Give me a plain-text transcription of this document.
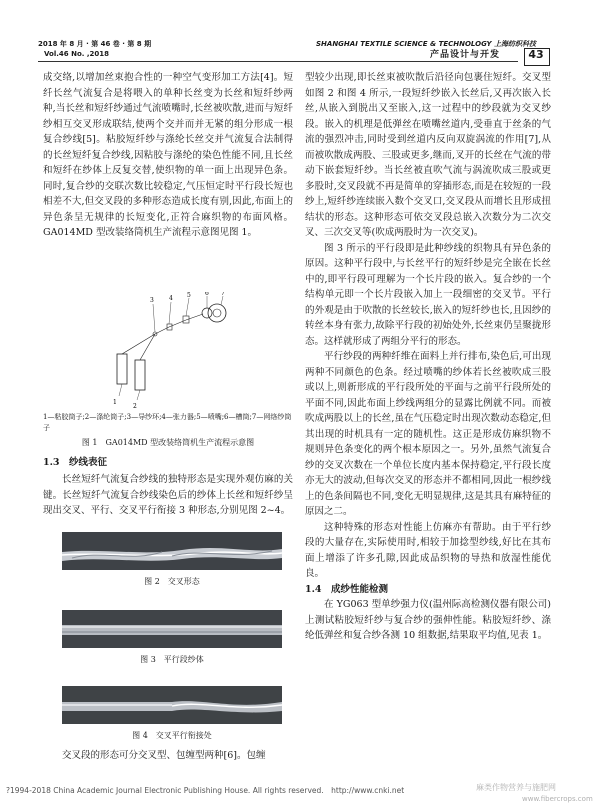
2018 年 8 月 · 第 46 卷 · 第 8 期
Vol.46 No. ,2018
SHANGHAI TEXTILE SCIENCE & TECHNOLOGY 上海纺织科技
产品设计与开发	43

成交络,以增加丝束抱合性的一种空气变形加工方法[4]。短纤长丝气流复合是将喂入的单种长丝变为长丝和短纤纱两种,当长丝和短纤纱通过气流喷嘴时,长丝被吹散,进而与短纤纱相互交叉形成联结,使两个交并而并无紧的组分形成一根复合纱线[5]。粘胶短纤纱与涤纶长丝交并气流复合法制得的长丝短纤复合纱线,因粘胶与涤纶的染色性能不同,且长丝和短纤在纱体上反复交替,使织物的单一面上出现异色条。同时,复合纱的交联次数比较稳定,气压恒定时平行段长短也相差不大,但交叉段的多种形态造成长度有别,因此,布面上的异色条呈无规律的长短变化,正符合麻织物的布面风格。GA014MD 型改装络筒机生产流程示意图见图 1。

1
2
3	4 5 6 7
1—粘胶筒子;2—涤纶筒子;3—导纱环;4—张力器;5—喷嘴;6—槽筒;7—网络纱筒子
图 1　GA014MD 型改装络筒机生产流程示意图
1.3　纱线表征
长丝短纤气流复合纱线的独特形态是实现外观仿麻的关键。长丝短纤气流复合纱线染色后的纱体上长丝和短纤纱呈现出交叉、平行、交叉平行衔接 3 种形态,分别见图 2~4。
图 2　交叉形态
图 3　平行段纱体
图 4　交叉平行衔接处
交叉段的形态可分交叉型、包缠型两种[6]。包缠

型较少出现,即长丝束被吹散后沿径向包裹住短纤。交叉型如图 2 和图 4 所示,一段短纤纱嵌入长丝后,又再次嵌入长丝,从嵌入到脱出又至嵌入,这一过程中的纱段就为交叉纱段。嵌入的机理是低弹丝在喷嘴丝道内,受垂直于丝条的气流的强烈冲击,同时受到丝道内反向双旋涡流的作用[7],从而被吹散成两股、三股或更多,继而,叉开的长丝在气流的带动下嵌套短纤纱。当长丝被直吹气流与涡流吹成三股或更多股时,交叉段就不再是简单的穿插形态,而是在较短的一段纱上,短纤纱连续嵌入数个交叉口,交叉段从而增长且形成扭结状的形态。这种形态可依交叉段总嵌入次数分为二次交叉、三次交叉等(吹成两股时为一次交叉)。

图 3 所示的平行段即是此种纱线的织物具有异色条的原因。这种平行段中,与长丝平行的短纤纱是完全嵌在长丝中的,即平行段可理解为一个长片段的嵌入。复合纱的一个结构单元即一个长片段嵌入加上一段细密的交叉节。平行的外观是由于吹散的长丝较长,嵌入的短纤纱也长,且因纱的转丝本身有张力,故除平行段的初始处外,长丝束仍呈聚拢形态。这样就形成了两组分平行的形态。

平行纱段的两种纤维在面料上并行排布,染色后,可出现两种不同颜色的色条。经过喷嘴的纱体若长丝被吹成三股或以上,则新形成的平行段所处的平面与之前平行段所处的平面不同,因此布面上纱线两组分的显露比例就不同。而被吹成两股以上的长丝,虽在气压稳定时出现次数动态稳定,但其出现的时机具有一定的随机性。这正是形成仿麻织物不规则异色条变化的两个根本原因之一。另外,虽然气流复合纱的交叉次数在一个单位长度内基本保持稳定,平行段长度亦无大的波动,但每次交叉的形态并不都相同,因此一根纱线上的色条间隔也不同,变化无明显规律,这是其具有麻特征的原因之二。

这种特殊的形态对性能上仿麻亦有帮助。由于平行纱段的大量存在,实际使用时,相较于加捻型纱线,好比在其布面上增添了许多孔隙,因此成品织物的导热和放湿性能优良。

1.4　成纱性能检测

在 YG063 型单纱强力仪(温州际高检测仪器有限公司)上测试粘胶短纤纱与复合纱的强伸性能。粘胶短纤纱、涤纶低弹丝和复合纱各测 10 组数据,结果取平均值,见表 1。

?1994-2018 China Academic Journal Electronic Publishing House. All rights reserved.　http://www.cnki.net	麻类作物营养与施肥网
www.fibercrops.com
